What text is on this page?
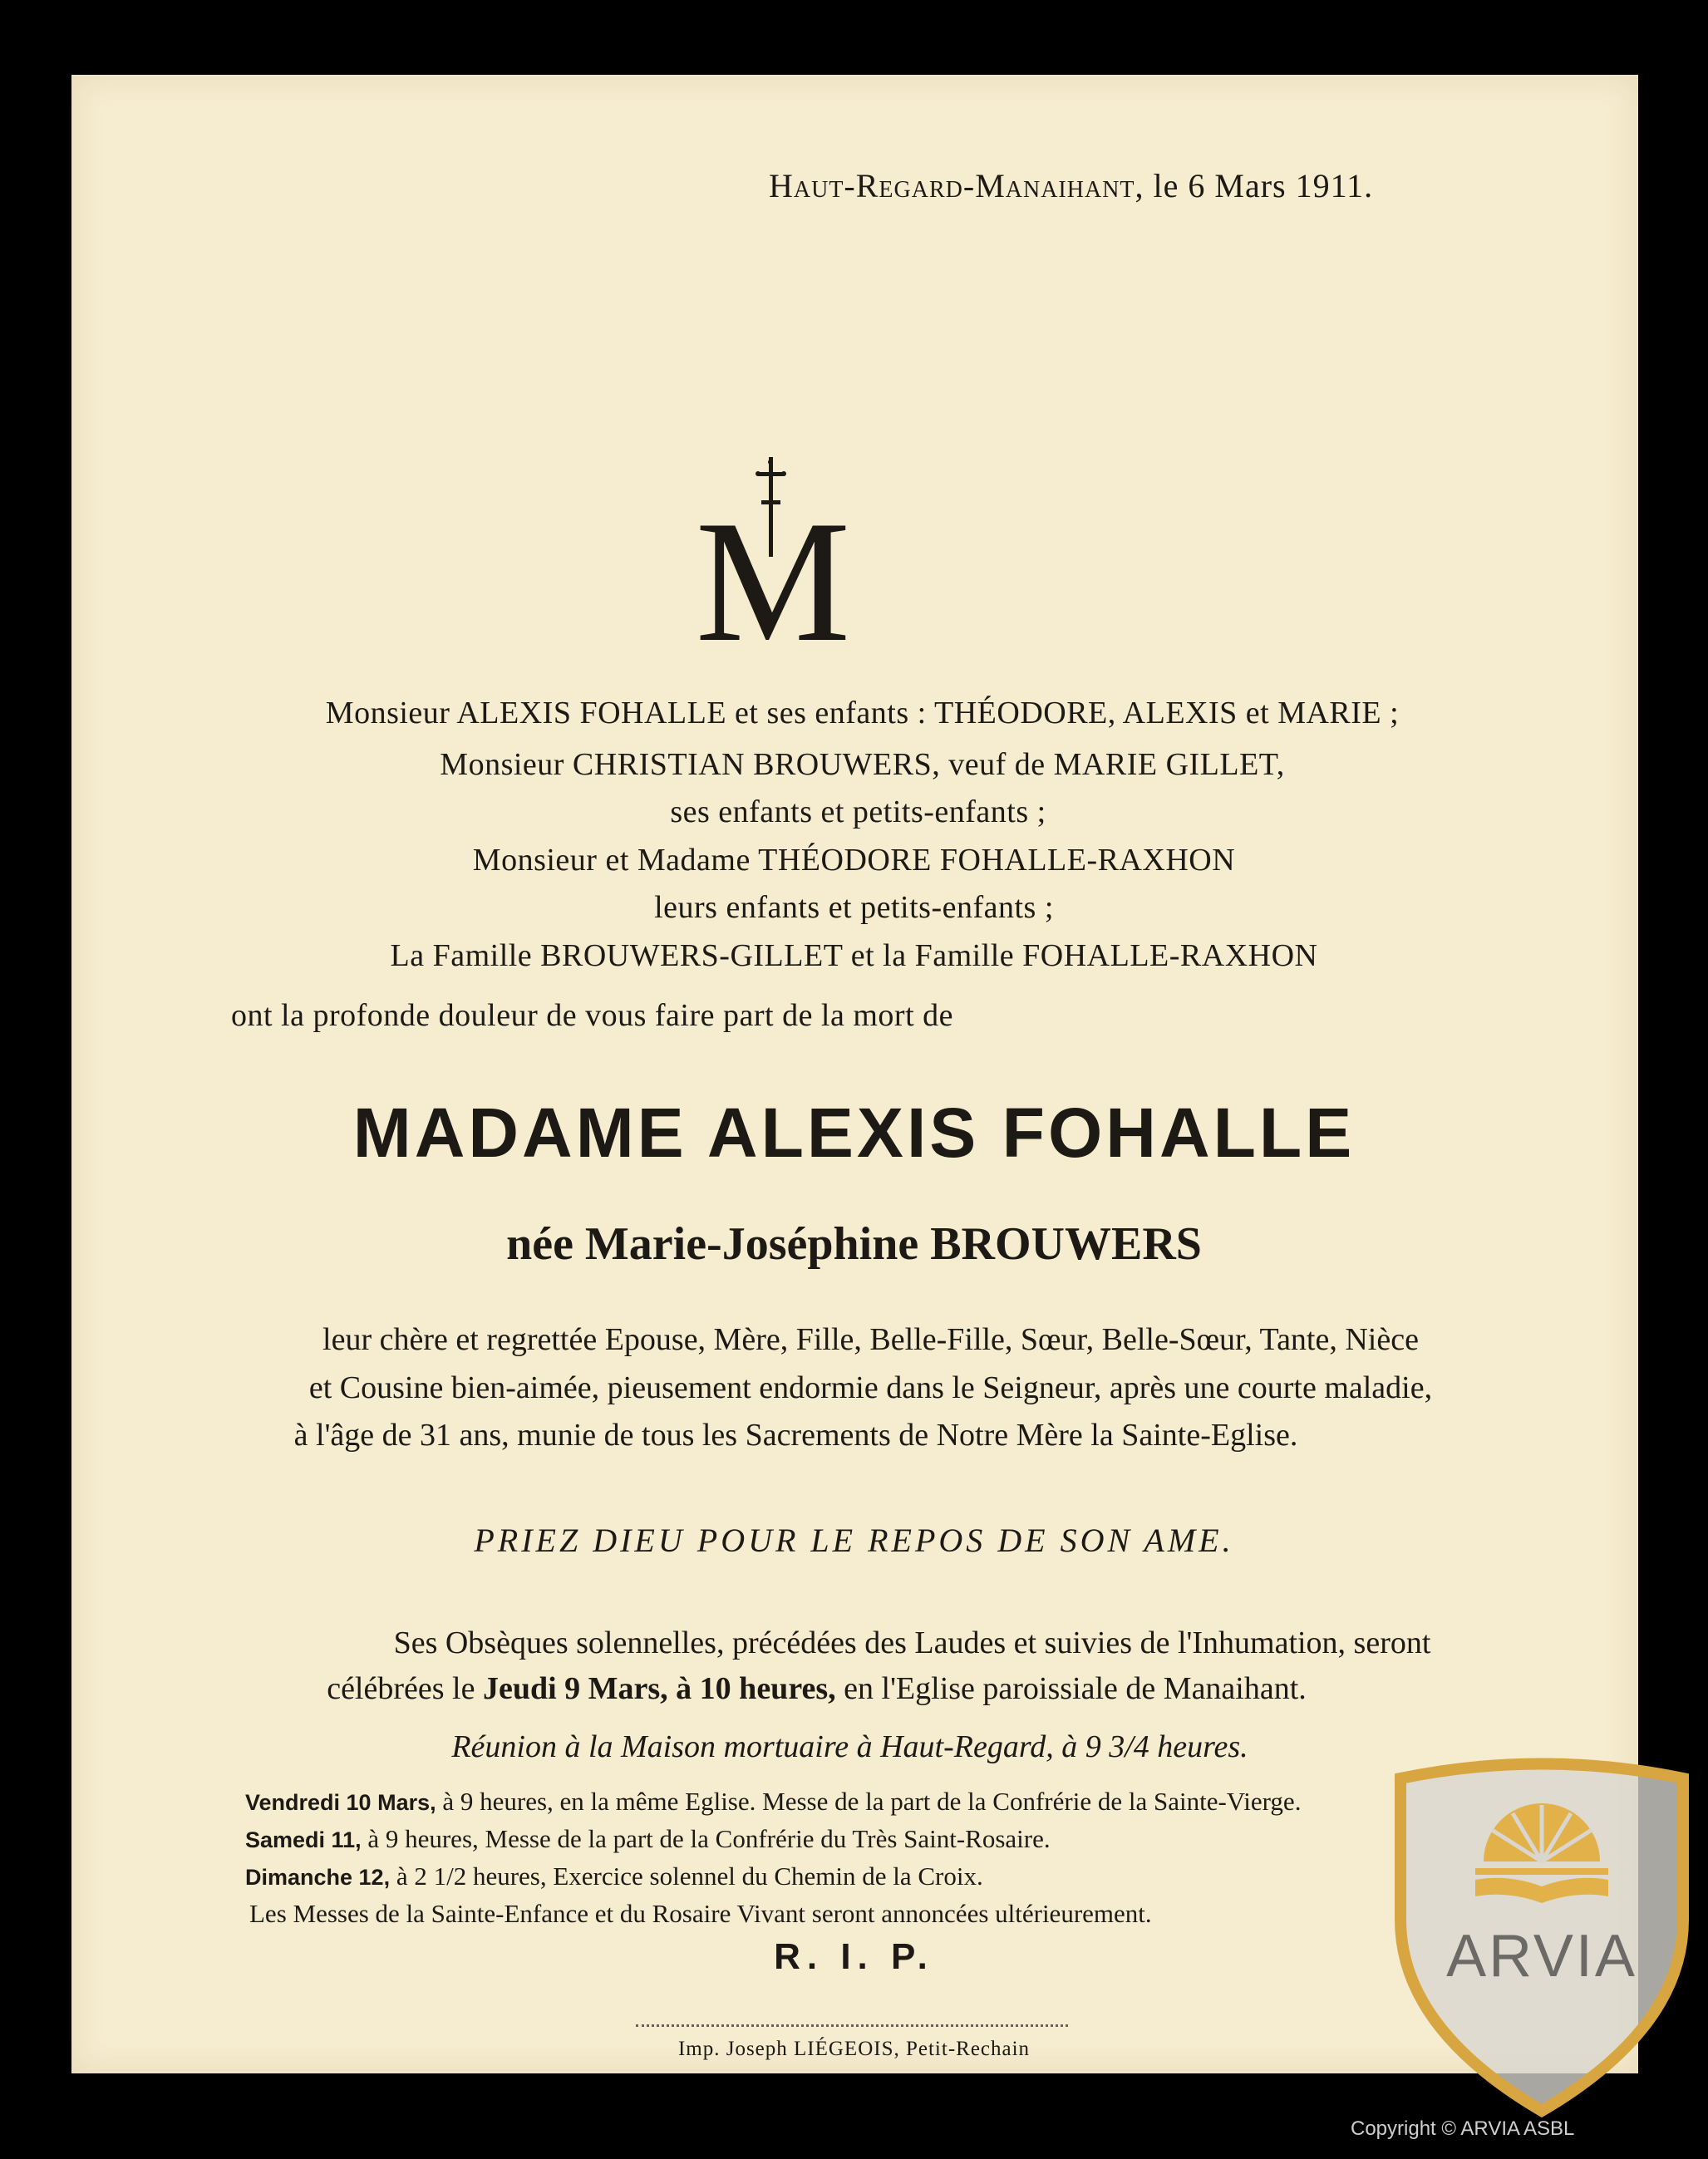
Haut-Regard-Manaihant, le 6 Mars 1911.
M
Monsieur ALEXIS FOHALLE et ses enfants : THÉODORE, ALEXIS et MARIE ;
Monsieur CHRISTIAN BROUWERS, veuf de MARIE GILLET,
ses enfants et petits-enfants ;
Monsieur et Madame THÉODORE FOHALLE-RAXHON
leurs enfants et petits-enfants ;
La Famille BROUWERS-GILLET et la Famille FOHALLE-RAXHON
ont la profonde douleur de vous faire part de la mort de
MADAME ALEXIS FOHALLE
née Marie-Joséphine BROUWERS
leur chère et regrettée Epouse, Mère, Fille, Belle-Fille, Sœur, Belle-Sœur, Tante, Nièce
et Cousine bien-aimée, pieusement endormie dans le Seigneur, après une courte maladie,
à l'âge de 31 ans, munie de tous les Sacrements de Notre Mère la Sainte-Eglise.
PRIEZ DIEU POUR LE REPOS DE SON AME.
Ses Obsèques solennelles, précédées des Laudes et suivies de l'Inhumation, seront
célébrées le Jeudi 9 Mars, à 10 heures, en l'Eglise paroissiale de Manaihant.
Réunion à la Maison mortuaire à Haut-Regard, à 9 3/4 heures.
Vendredi 10 Mars, à 9 heures, en la même Eglise. Messe de la part de la Confrérie de la Sainte-Vierge.
Samedi 11, à 9 heures, Messe de la part de la Confrérie du Très Saint-Rosaire.
Dimanche 12, à 2 1/2 heures, Exercice solennel du Chemin de la Croix.
Les Messes de la Sainte-Enfance et du Rosaire Vivant seront annoncées ultérieurement.
R. I. P.
Imp. Joseph LIÉGEOIS, Petit-Rechain
ARVIA
Copyright © ARVIA ASBL
